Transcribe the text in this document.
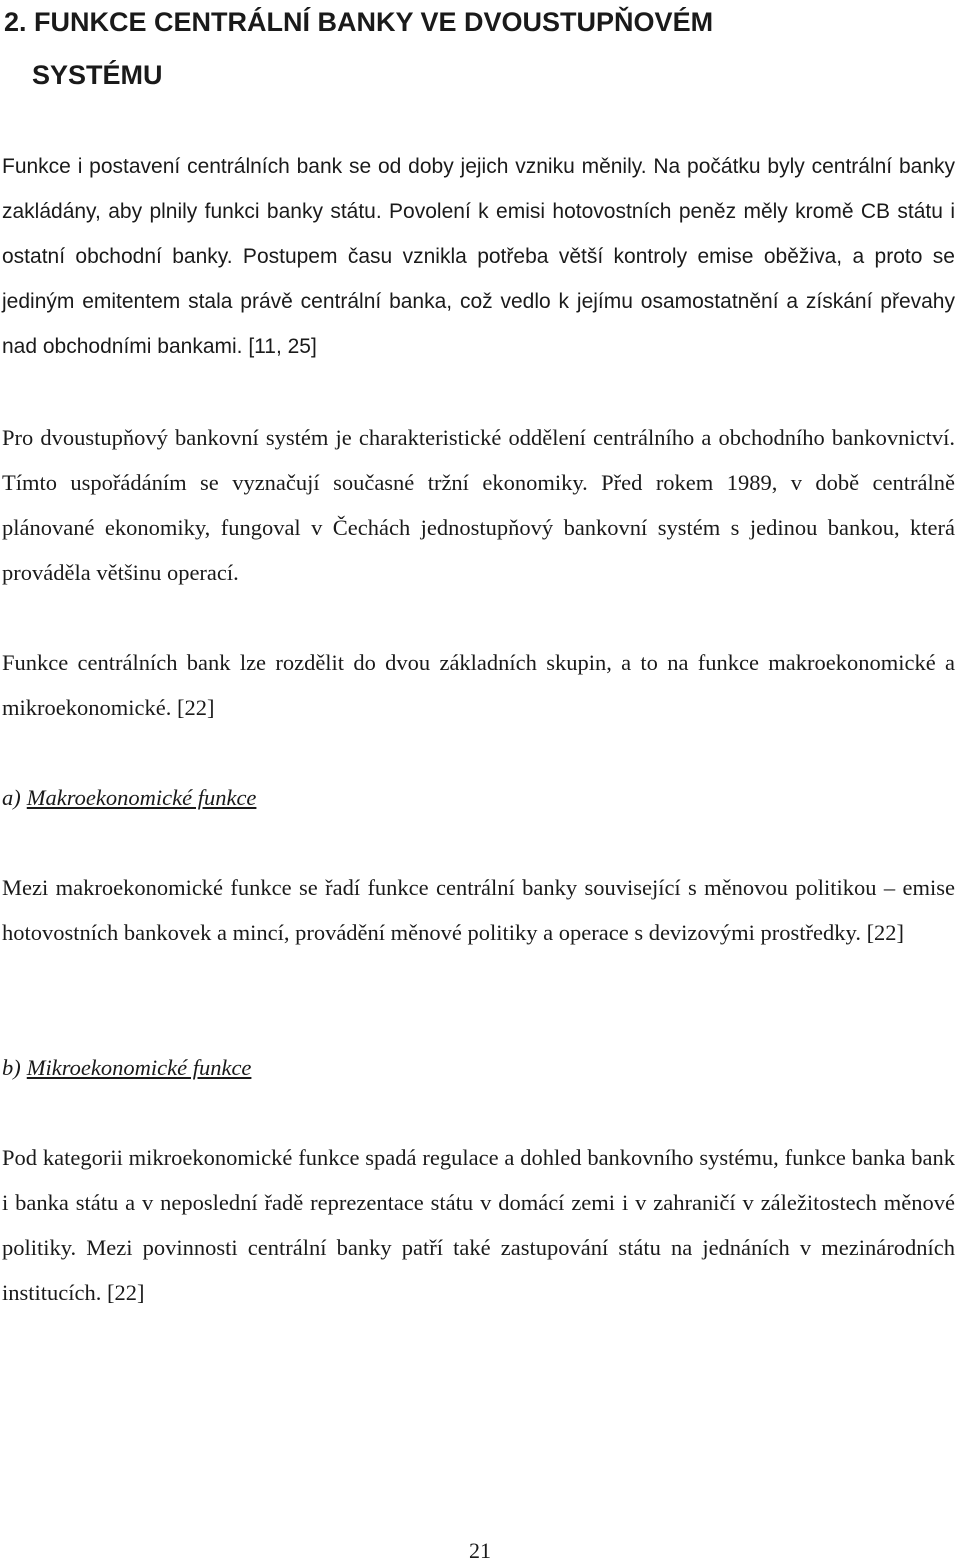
2. FUNKCE CENTRÁLNÍ BANKY VE DVOUSTUPŇOVÉM
SYSTÉMU

Funkce i postavení centrálních bank se od doby jejich vzniku měnily. Na počátku byly centrální banky zakládány, aby plnily funkci banky státu. Povolení k emisi hotovostních peněz měly kromě CB státu i ostatní obchodní banky. Postupem času vznikla potřeba větší kontroly emise oběživa, a proto se jediným emitentem stala právě centrální banka, což vedlo k jejímu osamostatnění a získání převahy nad obchodními bankami. [11, 25]

Pro dvoustupňový bankovní systém je charakteristické oddělení centrálního a obchodního bankovnictví. Tímto uspořádáním se vyznačují současné tržní ekonomiky. Před rokem 1989, v době centrálně plánované ekonomiky, fungoval v Čechách jednostupňový bankovní systém s jedinou bankou, která prováděla většinu operací.

Funkce centrálních bank lze rozdělit do dvou základních skupin, a to na funkce makroekonomické a mikroekonomické. [22]

a) Makroekonomické funkce

Mezi makroekonomické funkce se řadí funkce centrální banky související s měnovou politikou – emise hotovostních bankovek a mincí, provádění měnové politiky a operace s devizovými prostředky. [22]

b) Mikroekonomické funkce

Pod kategorii mikroekonomické funkce spadá regulace a dohled bankovního systému, funkce banka bank i banka státu a v neposlední řadě reprezentace státu v domácí zemi i v zahraničí v záležitostech měnové politiky. Mezi povinnosti centrální banky patří také zastupování státu na jednáních v mezinárodních institucích. [22]

21
